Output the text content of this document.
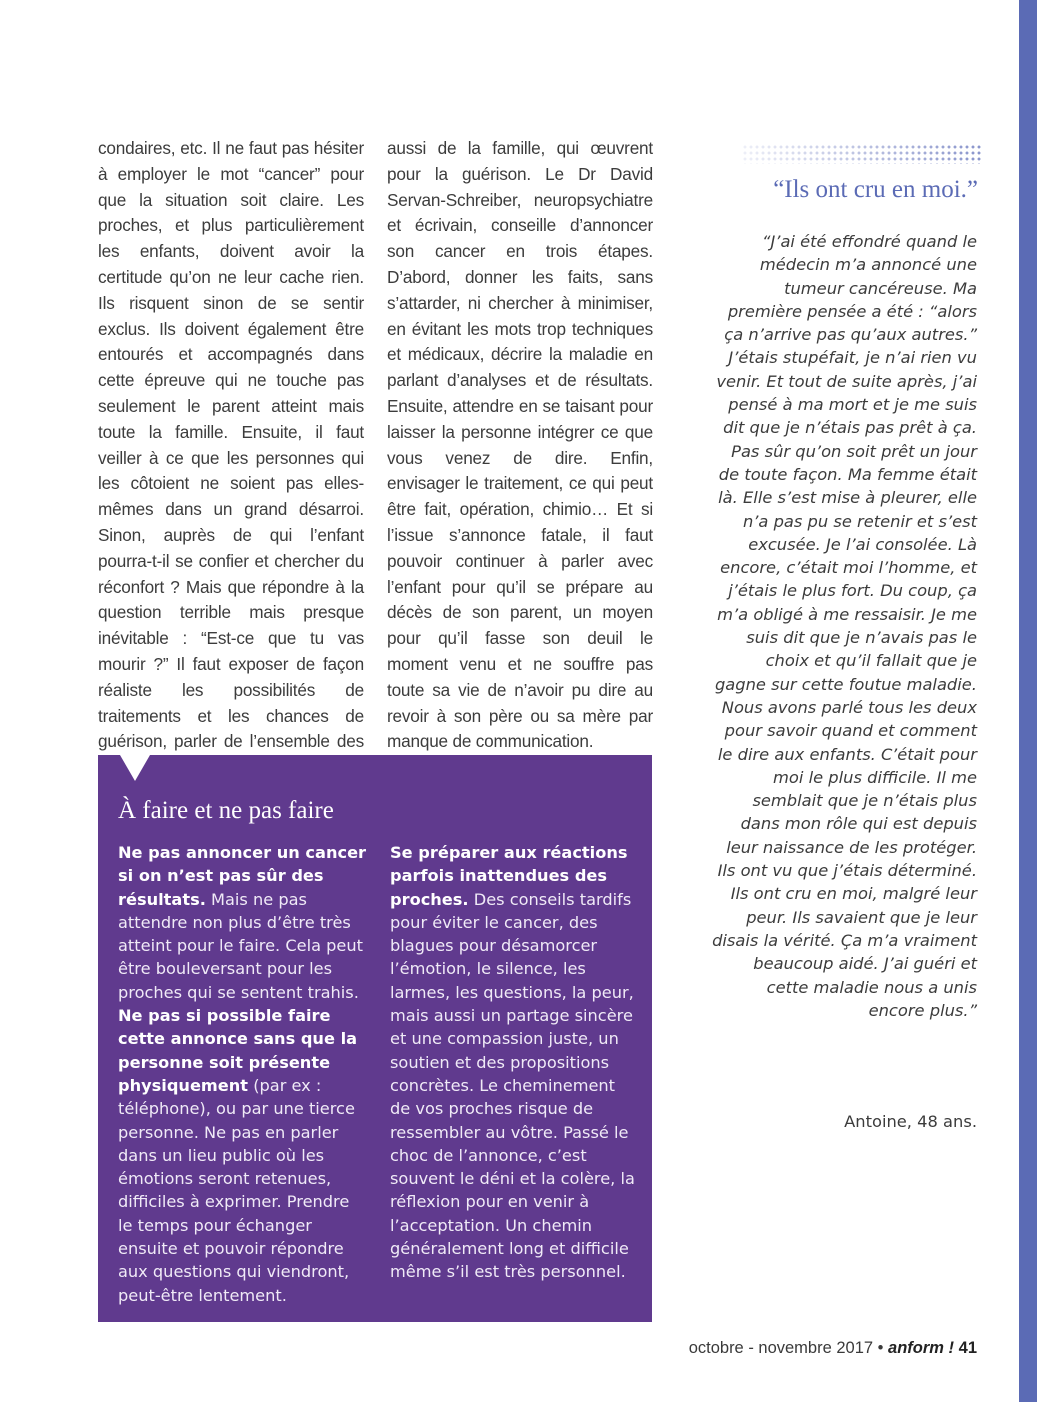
condaires, etc. Il ne faut pas hésiter à employer le mot “cancer” pour que la situation soit claire. Les proches, et plus particulièrement les enfants, doivent avoir la certitude qu’on ne leur cache rien. Ils risquent sinon de se sentir exclus. Ils doivent également être entourés et accompagnés dans cette épreuve qui ne touche pas seulement le parent atteint mais toute la famille. Ensuite, il faut veiller à ce que les personnes qui les côtoient ne soient pas elles-mêmes dans un grand désarroi. Sinon, auprès de qui l’enfant pourra-t-il se confier et chercher du réconfort ? Mais que répondre à la question terrible mais presque inévitable : “Est-ce que tu vas mourir ?” Il faut exposer de façon réaliste les possibilités de traitements et les chances de guérison, parler de l’ensemble des

aussi de la famille, qui œuvrent pour la guérison. Le Dr David Servan-Schreiber, neuropsychiatre et écrivain, conseille d’annoncer son cancer en trois étapes. D’abord, donner les faits, sans s’attarder, ni chercher à minimiser, en évitant les mots trop techniques et médicaux, décrire la maladie en parlant d’analyses et de résultats. Ensuite, attendre en se taisant pour laisser la personne intégrer ce que vous venez de dire. Enfin, envisager le traitement, ce qui peut être fait, opération, chimio… Et si l’issue s’annonce fatale, il faut pouvoir continuer à parler avec l’enfant pour qu’il se prépare au décès de son parent, un moyen pour qu’il fasse son deuil le moment venu et ne souffre pas toute sa vie de n’avoir pu dire au revoir à son père ou sa mère par manque de communication.

“Ils ont cru en moi.”
“J’ai été effondré quand le médecin m’a annoncé une tumeur cancéreuse. Ma première pensée a été : “alors ça n’arrive pas qu’aux autres.” J’étais stupéfait, je n’ai rien vu venir. Et tout de suite après, j’ai pensé à ma mort et je me suis dit que je n’étais pas prêt à ça. Pas sûr qu’on soit prêt un jour de toute façon. Ma femme était là. Elle s’est mise à pleurer, elle n’a pas pu se retenir et s’est excusée. Je l’ai consolée. Là encore, c’était moi l’homme, et j’étais le plus fort. Du coup, ça m’a obligé à me ressaisir. Je me suis dit que je n’avais pas le choix et qu’il fallait que je gagne sur cette foutue maladie. Nous avons parlé tous les deux pour savoir quand et comment le dire aux enfants. C’était pour moi le plus difficile. Il me semblait que je n’étais plus dans mon rôle qui est depuis leur naissance de les protéger. Ils ont vu que j’étais déterminé. Ils ont cru en moi, malgré leur peur. Ils savaient que je leur disais la vérité. Ça m’a vraiment beaucoup aidé. J’ai guéri et cette maladie nous a unis encore plus.”
Antoine, 48 ans.
À faire et ne pas faire

Ne pas annoncer un cancer si on n’est pas sûr des résultats. Mais ne pas attendre non plus d’être très atteint pour le faire. Cela peut être bouleversant pour les proches qui se sentent trahis. Ne pas si possible faire cette annonce sans que la personne soit présente physiquement (par ex : téléphone), ou par une tierce personne. Ne pas en parler dans un lieu public où les émotions seront retenues, difficiles à exprimer. Prendre le temps pour échanger ensuite et pouvoir répondre aux questions qui viendront, peut-être lentement.

Se préparer aux réactions parfois inattendues des proches. Des conseils tardifs pour éviter le cancer, des blagues pour désamorcer l’émotion, le silence, les larmes, les questions, la peur, mais aussi un partage sincère et une compassion juste, un soutien et des propositions concrètes. Le cheminement de vos proches risque de ressembler au vôtre. Passé le choc de l’annonce, c’est souvent le déni et la colère, la réflexion pour en venir à l’acceptation. Un chemin généralement long et difficile même s’il est très personnel.

octobre - novembre 2017 • anform ! 41
